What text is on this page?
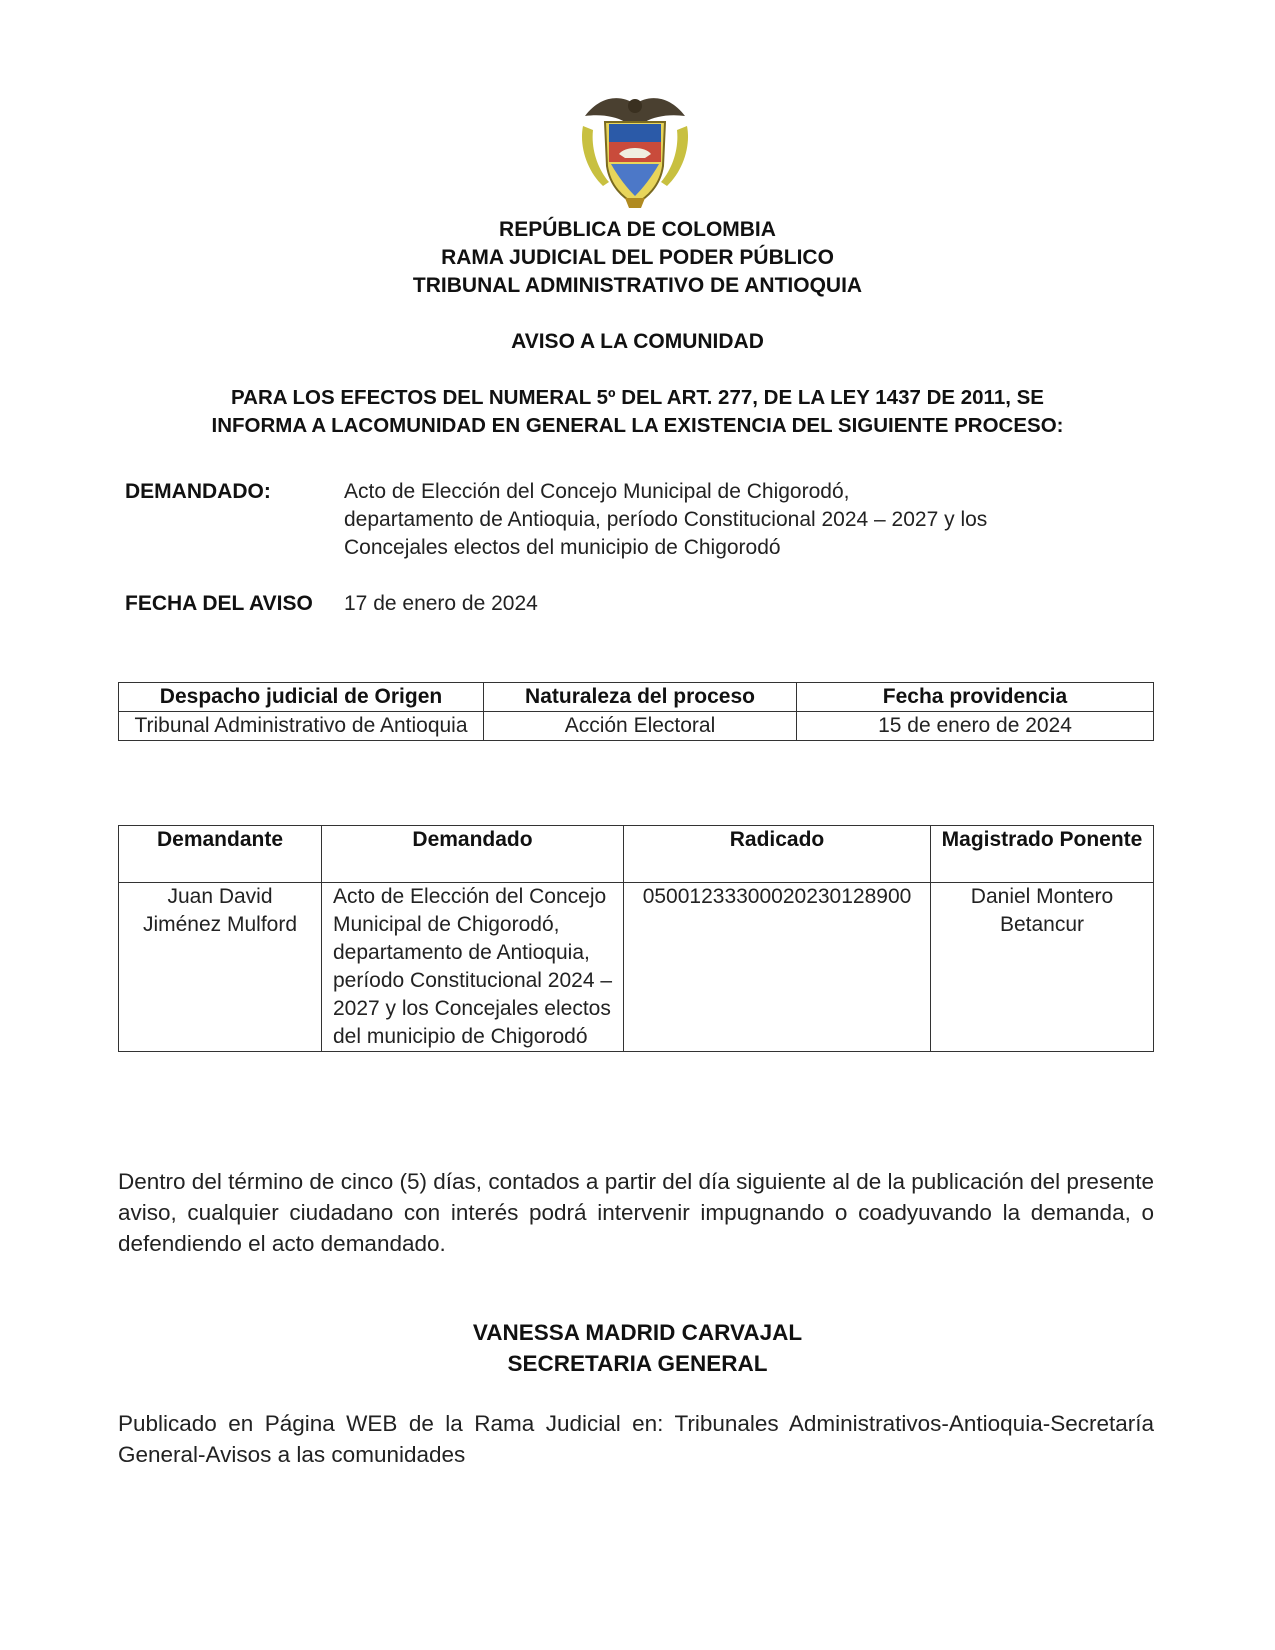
REPÚBLICA DE COLOMBIA
RAMA JUDICIAL DEL PODER PÚBLICO
TRIBUNAL ADMINISTRATIVO DE ANTIOQUIA
AVISO A LA COMUNIDAD
PARA LOS EFECTOS DEL NUMERAL 5º DEL ART. 277, DE LA LEY 1437 DE 2011, SE
INFORMA A LACOMUNIDAD EN GENERAL LA EXISTENCIA DEL SIGUIENTE PROCESO:
DEMANDADO:	Acto de Elección del Concejo Municipal de Chigorodó,
departamento de Antioquia, período Constitucional 2024 – 2027 y los
Concejales electos del municipio de Chigorodó
FECHA DEL AVISO 17 de enero de 2024
Despacho judicial de Origen	Naturaleza del proceso	Fecha providencia
Tribunal Administrativo de Antioquia	Acción Electoral	15 de enero de 2024
Demandante	Demandado	Radicado	Magistrado Ponente
Juan David Jiménez Mulford	Acto de Elección del Concejo Municipal de Chigorodó, departamento de Antioquia, período Constitucional 2024 – 2027 y los Concejales electos del municipio de Chigorodó	05001233300020230128900	Daniel Montero Betancur
Dentro del término de cinco (5) días, contados a partir del día siguiente al de la publicación del presente aviso, cualquier ciudadano con interés podrá intervenir impugnando o coadyuvando la demanda, o defendiendo el acto demandado.
VANESSA MADRID CARVAJAL
SECRETARIA GENERAL
Publicado en Página WEB de la Rama Judicial en: Tribunales Administrativos-Antioquia-Secretaría General-Avisos a las comunidades
